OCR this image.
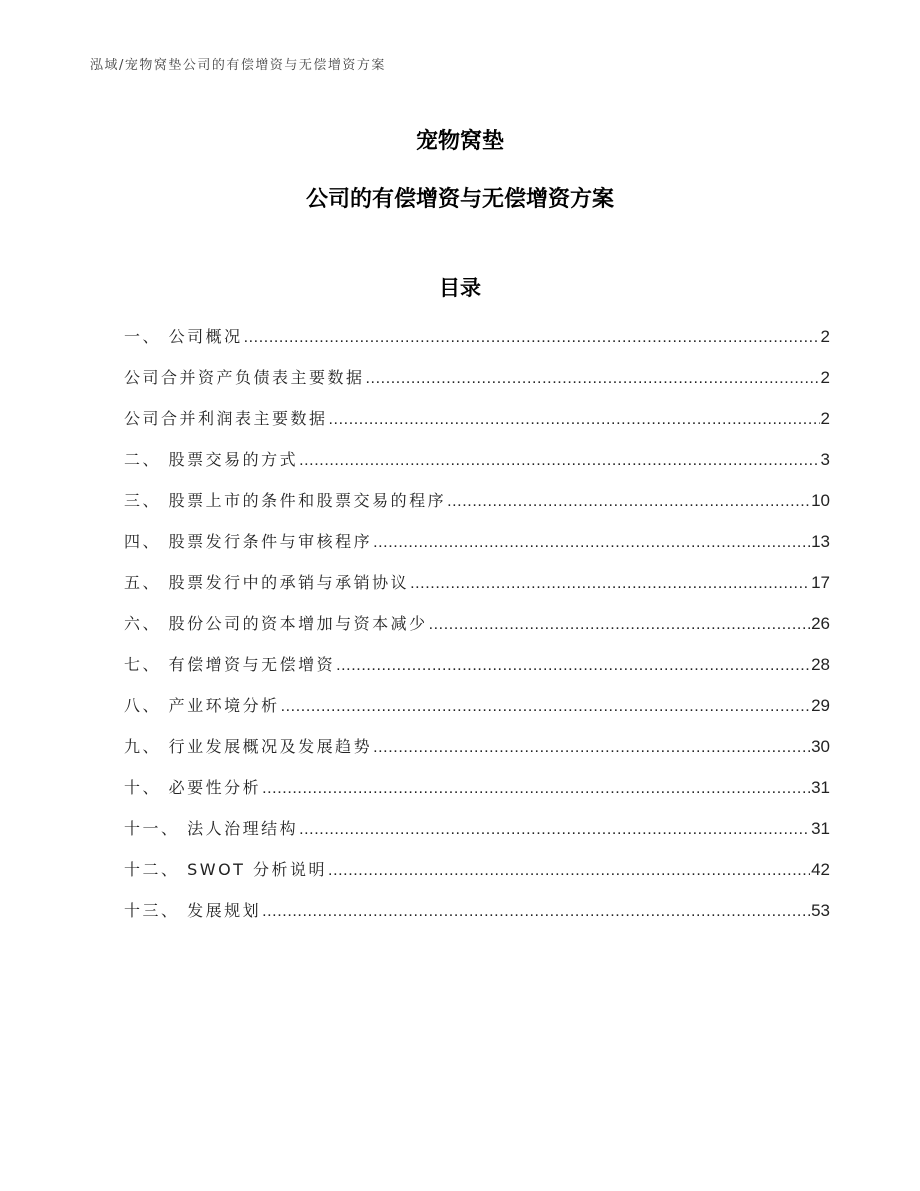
泓域/宠物窝垫公司的有偿增资与无偿增资方案
宠物窝垫
公司的有偿增资与无偿增资方案
目录
一、 公司概况 .....	2
公司合并资产负债表主要数据 .....	2
公司合并利润表主要数据 .....	2
二、 股票交易的方式 .....	3
三、 股票上市的条件和股票交易的程序 .....	10
四、 股票发行条件与审核程序 .....	13
五、 股票发行中的承销与承销协议 .....	17
六、 股份公司的资本增加与资本减少 .....	26
七、 有偿增资与无偿增资 .....	28
八、 产业环境分析 .....	29
九、 行业发展概况及发展趋势 .....	30
十、 必要性分析 .....	31
十一、 法人治理结构 .....	31
十二、 SWOT 分析说明 .....	42
十三、 发展规划 .....	53
